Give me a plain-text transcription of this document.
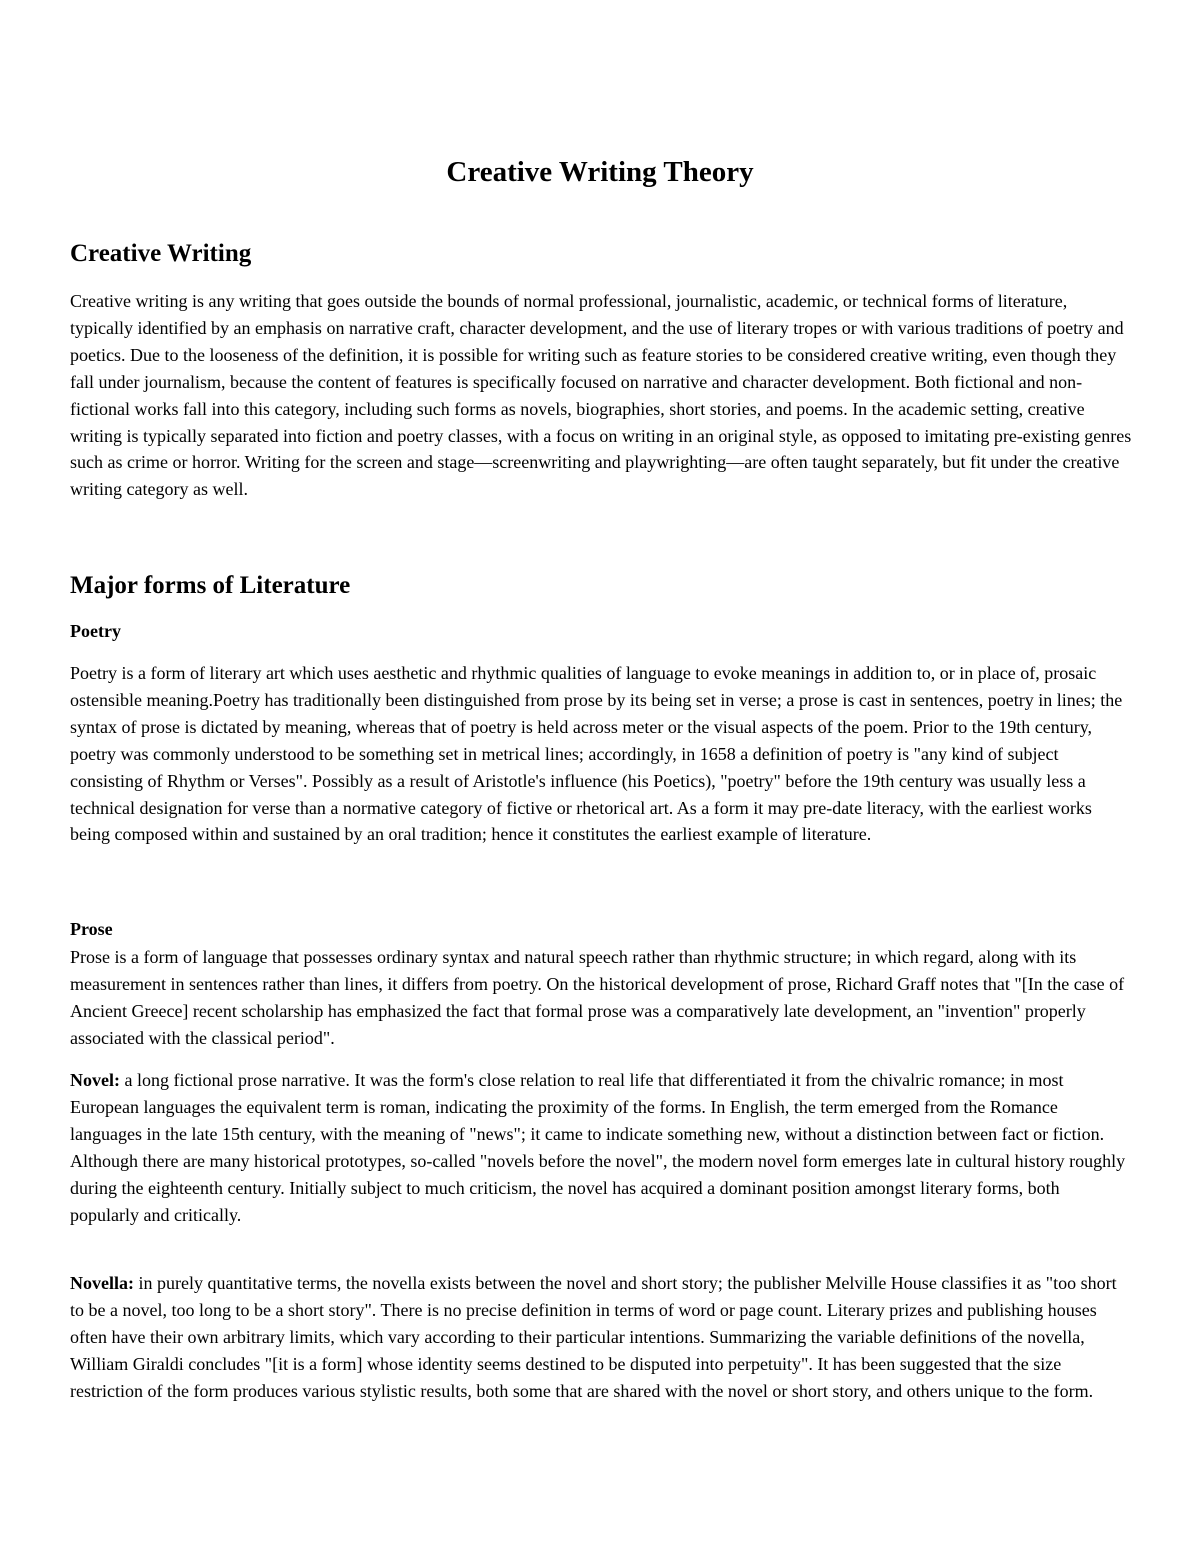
Creative Writing Theory
Creative Writing

Creative writing is any writing that goes outside the bounds of normal professional, journalistic, academic, or technical forms of literature, typically identified by an emphasis on narrative craft, character development, and the use of literary tropes or with various traditions of poetry and poetics. Due to the looseness of the definition, it is possible for writing such as feature stories to be considered creative writing, even though they fall under journalism, because the content of features is specifically focused on narrative and character development. Both fictional and non-fictional works fall into this category, including such forms as novels, biographies, short stories, and poems. In the academic setting, creative writing is typically separated into fiction and poetry classes, with a focus on writing in an original style, as opposed to imitating pre-existing genres such as crime or horror. Writing for the screen and stage—screenwriting and playwrighting—are often taught separately, but fit under the creative writing category as well.

Major forms of Literature
Poetry

Poetry is a form of literary art which uses aesthetic and rhythmic qualities of language to evoke meanings in addition to, or in place of, prosaic ostensible meaning.Poetry has traditionally been distinguished from prose by its being set in verse; a prose is cast in sentences, poetry in lines; the syntax of prose is dictated by meaning, whereas that of poetry is held across meter or the visual aspects of the poem. Prior to the 19th century, poetry was commonly understood to be something set in metrical lines; accordingly, in 1658 a definition of poetry is "any kind of subject consisting of Rhythm or Verses". Possibly as a result of Aristotle's influence (his Poetics), "poetry" before the 19th century was usually less a technical designation for verse than a normative category of fictive or rhetorical art. As a form it may pre-date literacy, with the earliest works being composed within and sustained by an oral tradition; hence it constitutes the earliest example of literature.

Prose

Prose is a form of language that possesses ordinary syntax and natural speech rather than rhythmic structure; in which regard, along with its measurement in sentences rather than lines, it differs from poetry. On the historical development of prose, Richard Graff notes that "[In the case of Ancient Greece] recent scholarship has emphasized the fact that formal prose was a comparatively late development, an "invention" properly associated with the classical period".

Novel: a long fictional prose narrative. It was the form's close relation to real life that differentiated it from the chivalric romance; in most European languages the equivalent term is roman, indicating the proximity of the forms. In English, the term emerged from the Romance languages in the late 15th century, with the meaning of "news"; it came to indicate something new, without a distinction between fact or fiction. Although there are many historical prototypes, so-called "novels before the novel", the modern novel form emerges late in cultural history roughly during the eighteenth century. Initially subject to much criticism, the novel has acquired a dominant position amongst literary forms, both popularly and critically.

Novella: in purely quantitative terms, the novella exists between the novel and short story; the publisher Melville House classifies it as "too short to be a novel, too long to be a short story". There is no precise definition in terms of word or page count. Literary prizes and publishing houses often have their own arbitrary limits, which vary according to their particular intentions. Summarizing the variable definitions of the novella, William Giraldi concludes "[it is a form] whose identity seems destined to be disputed into perpetuity". It has been suggested that the size restriction of the form produces various stylistic results, both some that are shared with the novel or short story, and others unique to the form.
